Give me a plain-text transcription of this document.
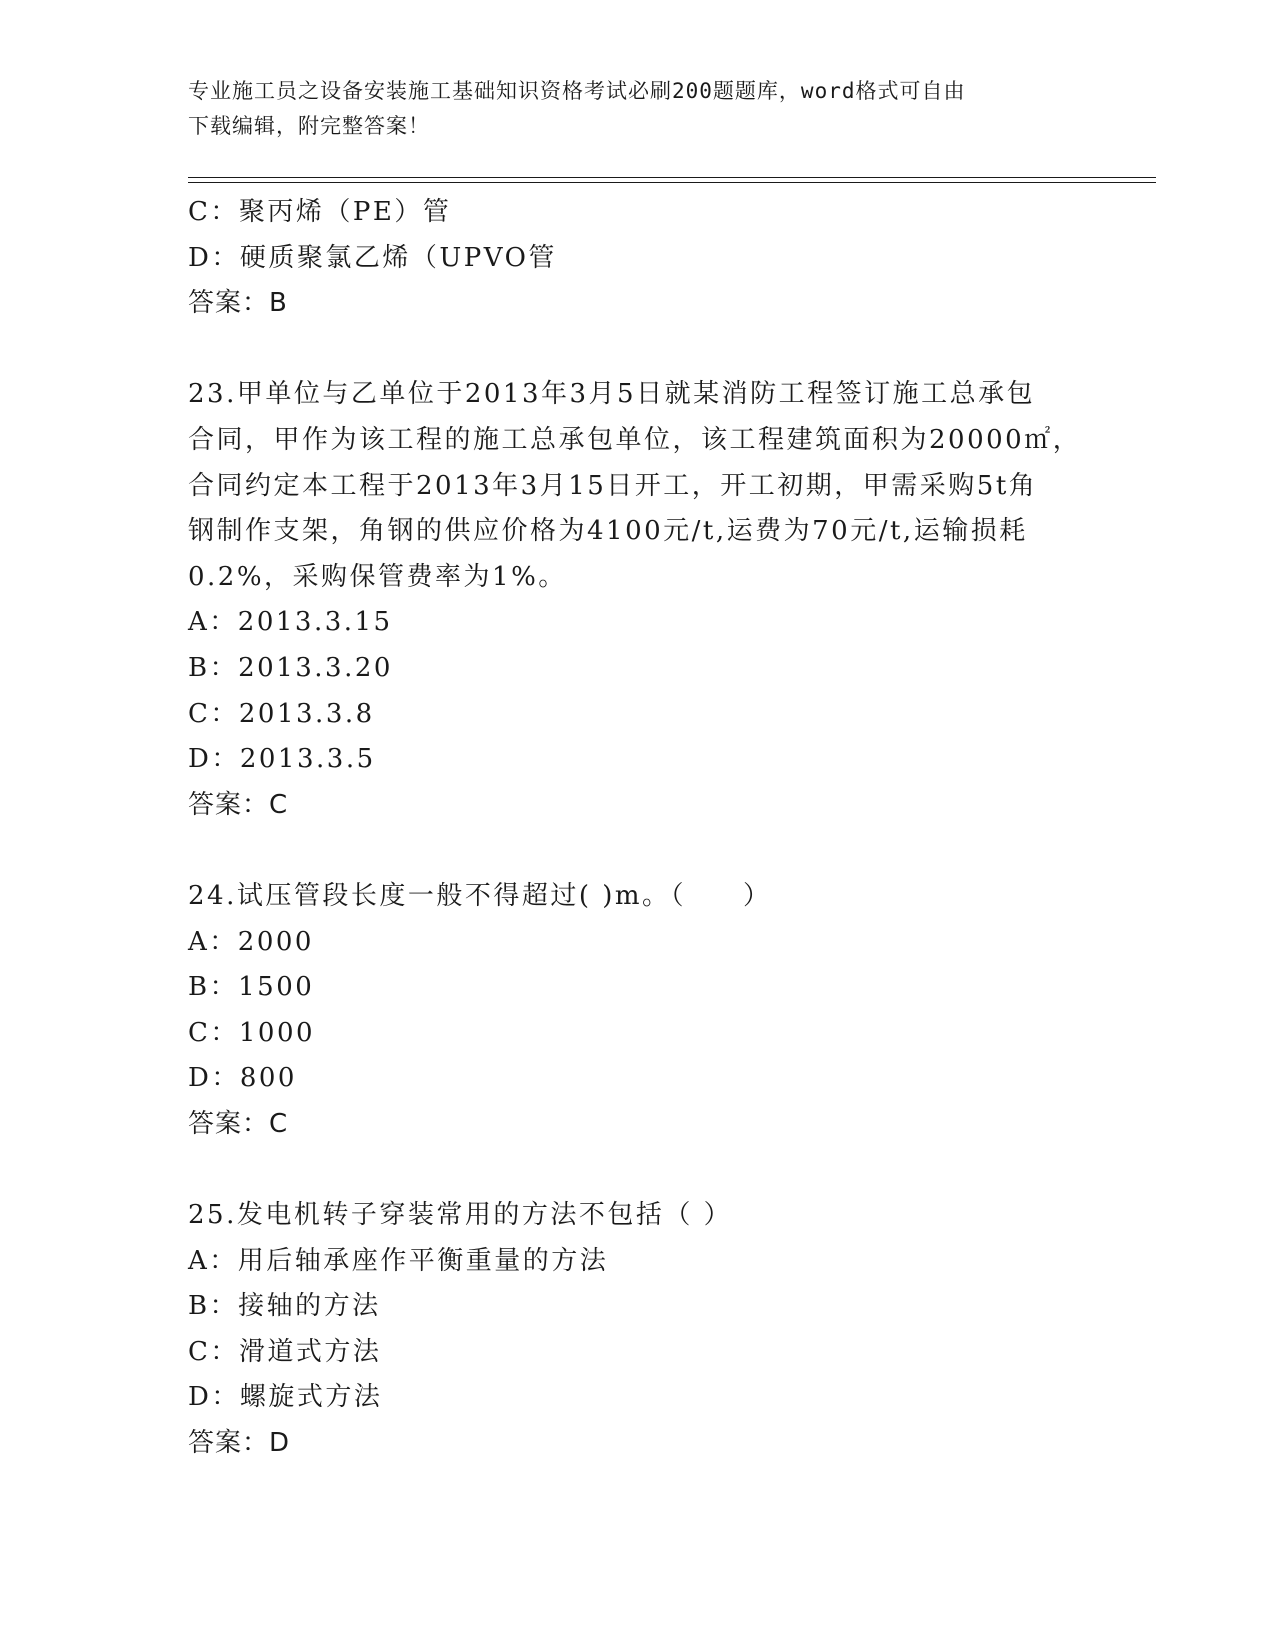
专业施工员之设备安装施工基础知识资格考试必刷200题题库，word格式可自由
下载编辑，附完整答案！
C：聚丙烯（PE）管
D：硬质聚氯乙烯（UPVO管
答案：B
23.甲单位与乙单位于2013年3月5日就某消防工程签订施工总承包
合同，甲作为该工程的施工总承包单位，该工程建筑面积为20000㎡，
合同约定本工程于2013年3月15日开工，开工初期，甲需采购5t角
钢制作支架，角钢的供应价格为4100元/t,运费为70元/t,运输损耗
0.2%，采购保管费率为1%。
A：2013.3.15
B：2013.3.20
C：2013.3.8
D：2013.3.5
答案：C
24.试压管段长度一般不得超过( )m。（　　）
A：2000
B：1500
C：1000
D：800
答案：C
25.发电机转子穿装常用的方法不包括（ ）
A：用后轴承座作平衡重量的方法
B：接轴的方法
C：滑道式方法
D：螺旋式方法
答案：D
